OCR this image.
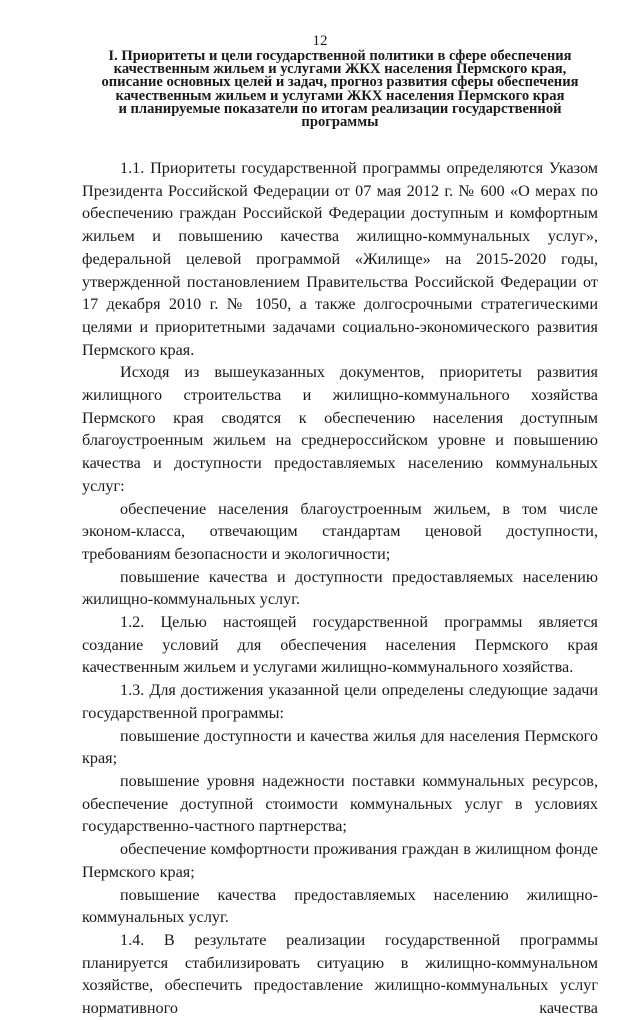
12
I. Приоритеты и цели государственной политики в сфере обеспечения
качественным жильем и услугами ЖКХ населения Пермского края,
описание основных целей и задач, прогноз развития сферы обеспечения
качественным жильем и услугами ЖКХ населения Пермского края
и планируемые показатели по итогам реализации государственной
программы

1.1. Приоритеты государственной программы определяются Указом Президента Российской Федерации от 07 мая 2012 г. № 600 «О мерах по обеспечению граждан Российской Федерации доступным и комфортным жильем и повышению качества жилищно-коммунальных услуг», федеральной целевой программой «Жилище» на 2015-2020 годы, утвержденной постановлением Правительства Российской Федерации от 17 декабря 2010 г. № 1050, а также долгосрочными стратегическими целями и приоритетными задачами социально-экономического развития Пермского края.

Исходя из вышеуказанных документов, приоритеты развития жилищного строительства и жилищно-коммунального хозяйства Пермского края сводятся к обеспечению населения доступным благоустроенным жильем на среднероссийском уровне и повышению качества и доступности предоставляемых населению коммунальных услуг:

обеспечение населения благоустроенным жильем, в том числе эконом-класса, отвечающим стандартам ценовой доступности, требованиям безопасности и экологичности;

повышение качества и доступности предоставляемых населению жилищно-коммунальных услуг.

1.2. Целью настоящей государственной программы является создание условий для обеспечения населения Пермского края качественным жильем и услугами жилищно-коммунального хозяйства.

1.3. Для достижения указанной цели определены следующие задачи государственной программы:

повышение доступности и качества жилья для населения Пермского края;

повышение уровня надежности поставки коммунальных ресурсов, обеспечение доступной стоимости коммунальных услуг в условиях государственно-частного партнерства;

обеспечение комфортности проживания граждан в жилищном фонде Пермского края;

повышение качества предоставляемых населению жилищно-коммунальных услуг.

1.4. В результате реализации государственной программы планируется стабилизировать ситуацию в жилищно-коммунальном хозяйстве, обеспечить предоставление жилищно-коммунальных услуг нормативного качества
